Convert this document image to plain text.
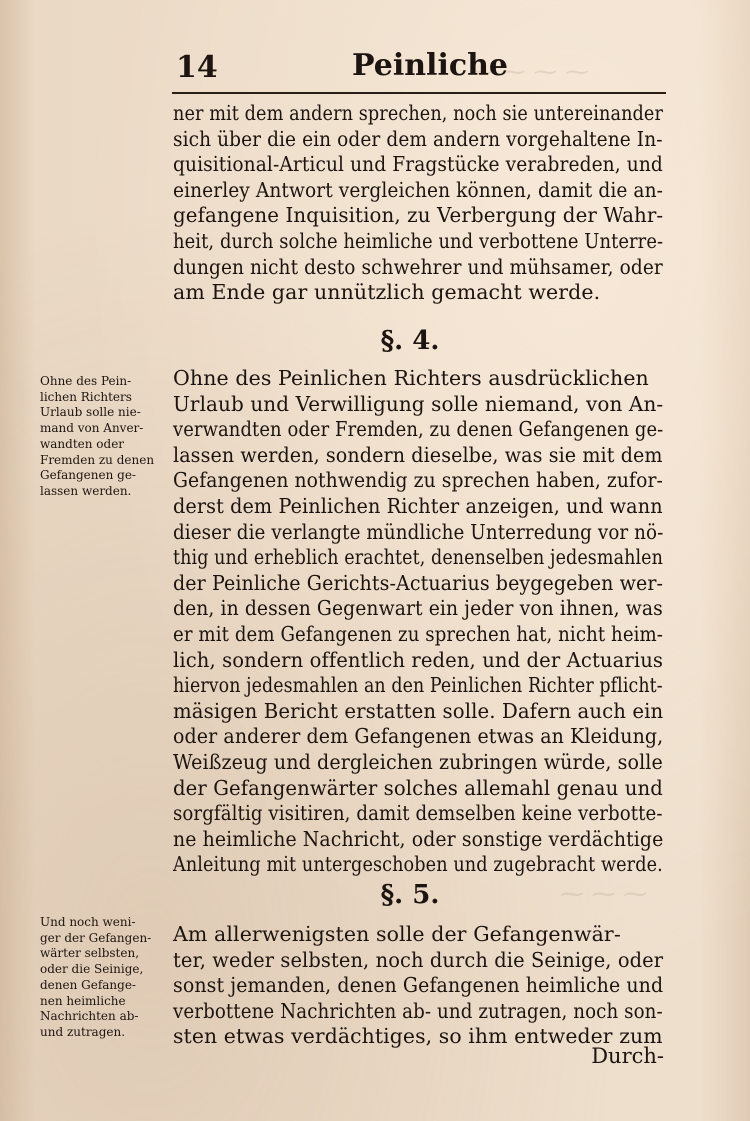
⁓ ⁓ ⁓ ⁓
⁓ ⁓ ⁓
14	Peinliche
ner mit dem andern sprechen, noch sie untereinander
sich über die ein oder dem andern vorgehaltene In-
quisitional-Articul und Fragstücke verabreden, und
einerley Antwort vergleichen können, damit die an-
gefangene Inquisition, zu Verbergung der Wahr-
heit, durch solche heimliche und verbottene Unterre-
dungen nicht desto schwehrer und mühsamer, oder
am Ende gar unnützlich gemacht werde.
§. 4.
Ohne des Pein-
lichen Richters
Urlaub solle nie-
mand von Anver-
wandten oder
Fremden zu denen
Gefangenen ge-
lassen werden.
Ohne des Peinlichen Richters ausdrücklichen
Urlaub und Verwilligung solle niemand, von An-
verwandten oder Fremden, zu denen Gefangenen ge-
lassen werden, sondern dieselbe, was sie mit dem
Gefangenen nothwendig zu sprechen haben, zufor-
derst dem Peinlichen Richter anzeigen, und wann
dieser die verlangte mündliche Unterredung vor nö-
thig und erheblich erachtet, denenselben jedesmahlen
der Peinliche Gerichts-Actuarius beygegeben wer-
den, in dessen Gegenwart ein jeder von ihnen, was
er mit dem Gefangenen zu sprechen hat, nicht heim-
lich, sondern offentlich reden, und der Actuarius
hiervon jedesmahlen an den Peinlichen Richter pflicht-
mäsigen Bericht erstatten solle. Dafern auch ein
oder anderer dem Gefangenen etwas an Kleidung,
Weißzeug und dergleichen zubringen würde, solle
der Gefangenwärter solches allemahl genau und
sorgfältig visitiren, damit demselben keine verbotte-
ne heimliche Nachricht, oder sonstige verdächtige
Anleitung mit untergeschoben und zugebracht werde.
§. 5.
Und noch weni-
ger der Gefangen-
wärter selbsten,
oder die Seinige,
denen Gefange-
nen heimliche
Nachrichten ab-
und zutragen.
Am allerwenigsten solle der Gefangenwär-
ter, weder selbsten, noch durch die Seinige, oder
sonst jemanden, denen Gefangenen heimliche und
verbottene Nachrichten ab- und zutragen, noch son-
sten etwas verdächtiges, so ihm entweder zum
Durch-
